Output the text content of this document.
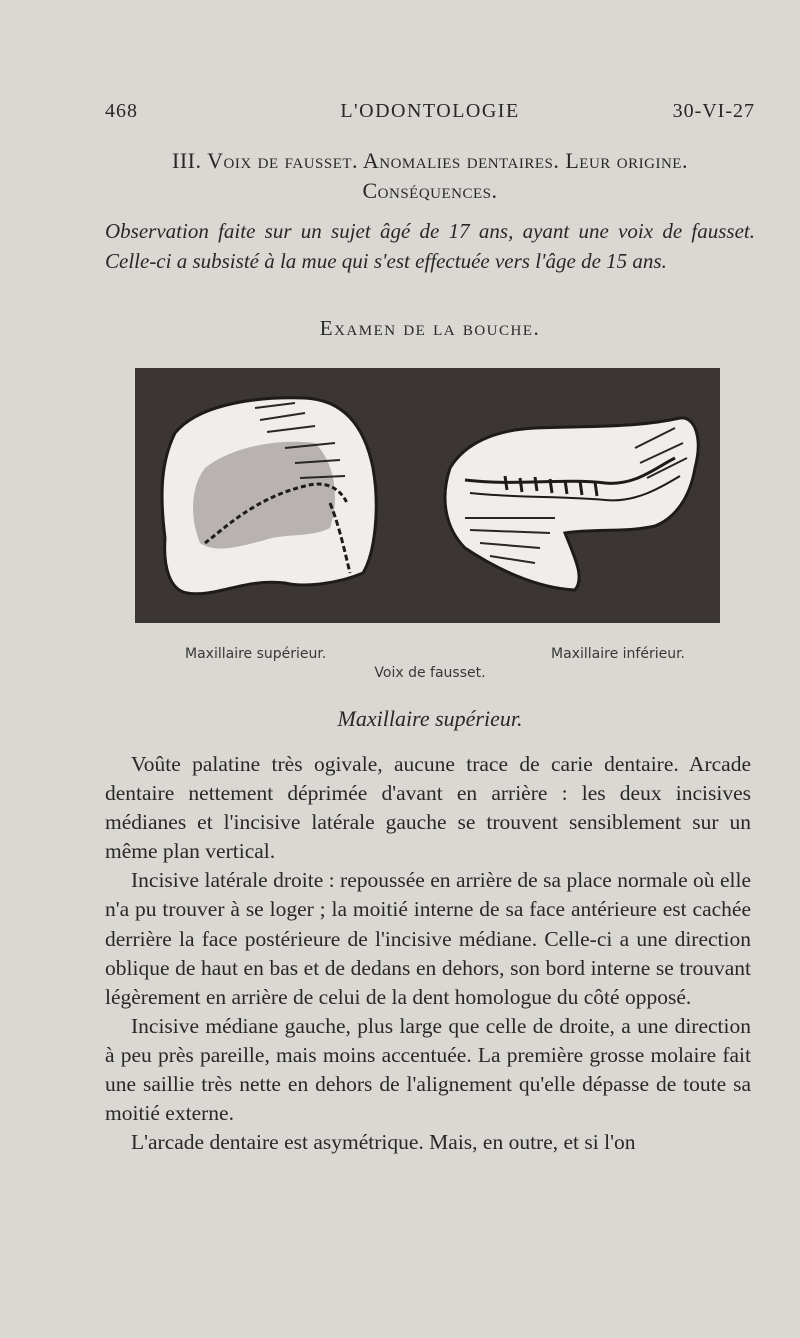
468	L'ODONTOLOGIE	30-VI-27
III. Voix de fausset. Anomalies dentaires. Leur origine.
Conséquences.
Observation faite sur un sujet âgé de 17 ans, ayant une voix de fausset. Celle-ci a subsisté à la mue qui s'est effectuée vers l'âge de 15 ans.
Examen de la bouche.
Maxillaire supérieur.	Maxillaire inférieur.
Voix de fausset.
Maxillaire supérieur.

Voûte palatine très ogivale, aucune trace de carie dentaire. Arcade dentaire nettement déprimée d'avant en arrière : les deux incisives médianes et l'incisive latérale gauche se trouvent sensiblement sur un même plan vertical.

Incisive latérale droite : repoussée en arrière de sa place normale où elle n'a pu trouver à se loger ; la moitié interne de sa face antérieure est cachée derrière la face postérieure de l'incisive médiane. Celle-ci a une direction oblique de haut en bas et de dedans en dehors, son bord interne se trouvant légèrement en arrière de celui de la dent homologue du côté opposé.

Incisive médiane gauche, plus large que celle de droite, a une direction à peu près pareille, mais moins accentuée. La première grosse molaire fait une saillie très nette en dehors de l'alignement qu'elle dépasse de toute sa moitié externe.

L'arcade dentaire est asymétrique. Mais, en outre, et si l'on
